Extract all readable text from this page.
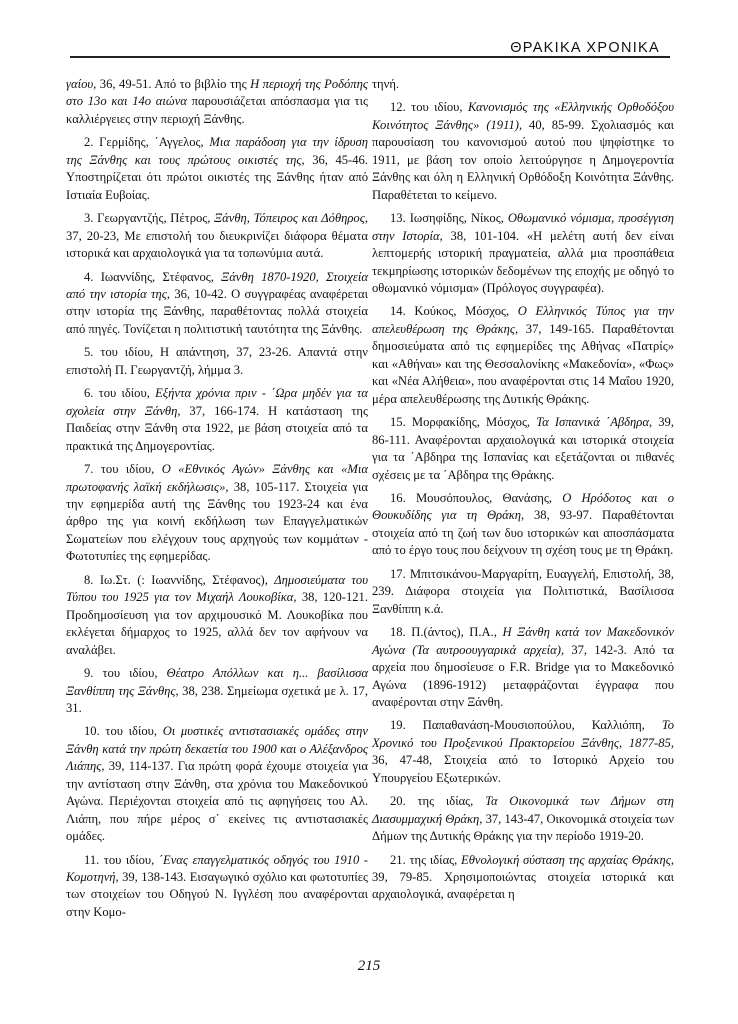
ΘΡΑΚΙΚΑ ΧΡΟΝΙΚΑ

γαίου, 36, 49-51. Από το βιβλίο της Η περιοχή της Ροδόπης στο 13ο και 14ο αιώνα παρουσιάζεται απόσπασμα για τις καλλιέργειες στην περιοχή Ξάνθης.

2. Γερμίδης, ΄Αγγελος, Μια παράδοση για την ίδρυση της Ξάνθης και τους πρώτους οικιστές της, 36, 45-46. Υποστηρίζεται ότι πρώτοι οικιστές της Ξάνθης ήταν από Ιστιαία Ευβοίας.

3. Γεωργαντζής, Πέτρος, Ξάνθη, Τόπειρος και Δόθηρος, 37, 20-23, Με επιστολή του διευκρινίζει διάφορα θέματα ιστορικά και αρχαιολογικά για τα τοπωνύμια αυτά.

4. Ιωαννίδης, Στέφανος, Ξάνθη 1870-1920, Στοιχεία από την ιστορία της, 36, 10-42. Ο συγγραφέας αναφέρεται στην ιστορία της Ξάνθης, παραθέτοντας πολλά στοιχεία από πηγές. Τονίζεται η πολιτιστική ταυτότητα της Ξάνθης.

5. του ιδίου, Η απάντηση, 37, 23-26. Απαντά στην επιστολή Π. Γεωργαντζή, λήμμα 3.

6. του ιδίου, Εξήντα χρόνια πριν - ΄Ωρα μηδέν για τα σχολεία στην Ξάνθη, 37, 166-174. Η κατάσταση της Παιδείας στην Ξάνθη στα 1922, με βάση στοιχεία από τα πρακτικά της Δημογεροντίας.

7. του ιδίου, Ο «Εθνικός Αγών» Ξάνθης και «Μια πρωτοφανής λαϊκή εκδήλωσις», 38, 105-117. Στοιχεία για την εφημερίδα αυτή της Ξάνθης του 1923-24 και ένα άρθρο της για κοινή εκδήλωση των Επαγγελματικών Σωματείων που ελέγχουν τους αρχηγούς των κομμάτων - Φωτοτυπίες της εφημερίδας.

8. Ιω.Στ. (: Ιωαννίδης, Στέφανος), Δημοσιεύματα του Τύπου του 1925 για τον Μιχαήλ Λουκοβίκα, 38, 120-121. Προδημοσίευση για τον αρχιμουσικό Μ. Λουκοβίκα που εκλέγεται δήμαρχος το 1925, αλλά δεν τον αφήνουν να αναλάβει.

9. του ιδίου, Θέατρο Απόλλων και η... βασίλισσα Ξανθίππη της Ξάνθης, 38, 238. Σημείωμα σχετικά με λ. 17, 31.

10. του ιδίου, Οι μυστικές αντιστασιακές ομάδες στην Ξάνθη κατά την πρώτη δεκαετία του 1900 και ο Αλέξανδρος Λιάπης, 39, 114-137. Για πρώτη φορά έχουμε στοιχεία για την αντίσταση στην Ξάνθη, στα χρόνια του Μακεδονικού Αγώνα. Περιέχονται στοιχεία από τις αφηγήσεις του Αλ. Λιάπη, που πήρε μέρος σ΄ εκείνες τις αντιστασιακές ομάδες.

11. του ιδίου, ΄Ενας επαγγελματικός οδηγός του 1910 - Κομοτηνή, 39, 138-143. Εισαγωγικό σχόλιο και φωτοτυπίες των στοιχείων του Οδηγού Ν. Ιγγλέση που αναφέρονται στην Κομο-

τηνή.

12. του ιδίου, Κανονισμός της «Ελληνικής Ορθοδόξου Κοινότητος Ξάνθης» (1911), 40, 85-99. Σχολιασμός και παρουσίαση του κανονισμού αυτού που ψηφίστηκε το 1911, με βάση τον οποίο λειτούργησε η Δημογεροντία Ξάνθης και όλη η Ελληνική Ορθόδοξη Κοινότητα Ξάνθης. Παραθέτεται το κείμενο.

13. Ιωσηφίδης, Νίκος, Οθωμανικό νόμισμα, προσέγγιση στην Ιστορία, 38, 101-104. «Η μελέτη αυτή δεν είναι λεπτομερής ιστορική πραγματεία, αλλά μια προσπάθεια τεκμηρίωσης ιστορικών δεδομένων της εποχής με οδηγό το οθωμανικό νόμισμα» (Πρόλογος συγγραφέα).

14. Κούκος, Μόσχος, Ο Ελληνικός Τύπος για την απελευθέρωση της Θράκης, 37, 149-165. Παραθέτονται δημοσιεύματα από τις εφημερίδες της Αθήνας «Πατρίς» και «Αθήναι» και της Θεσσαλονίκης «Μακεδονία», «Φως» και «Νέα Αλήθεια», που αναφέρονται στις 14 Μαΐου 1920, μέρα απελευθέρωσης της Δυτικής Θράκης.

15. Μορφακίδης, Μόσχος, Τα Ισπανικά ΄Αβδηρα, 39, 86-111. Αναφέρονται αρχαιολογικά και ιστορικά στοιχεία για τα ΄Αβδηρα της Ισπανίας και εξετάζονται οι πιθανές σχέσεις με τα ΄Αβδηρα της Θράκης.

16. Μουσόπουλος, Θανάσης, Ο Ηρόδοτος και ο Θουκυδίδης για τη Θράκη, 38, 93-97. Παραθέτονται στοιχεία από τη ζωή των δυο ιστορικών και αποσπάσματα από το έργο τους που δείχνουν τη σχέση τους με τη Θράκη.

17. Μπιτσικάνου-Μαργαρίτη, Ευαγγελή, Επιστολή, 38, 239. Διάφορα στοιχεία για Πολιτιστικά, Βασίλισσα Ξανθίππη κ.ά.

18. Π.(άντος), Π.Α., Η Ξάνθη κατά τον Μακεδονικόν Αγώνα (Τα αυτροουγγαρικά αρχεία), 37, 142-3. Από τα αρχεία που δημοσίευσε ο F.R. Bridge για το Μακεδονικό Αγώνα (1896-1912) μεταφράζονται έγγραφα που αναφέρονται στην Ξάνθη.

19. Παπαθανάση-Μουσιοπούλου, Καλλιόπη, Το Χρονικό του Προξενικού Πρακτορείου Ξάνθης, 1877-85, 36, 47-48, Στοιχεία από το Ιστορικό Αρχείο του Υπουργείου Εξωτερικών.

20. της ιδίας, Τα Οικονομικά των Δήμων στη Διασυμμαχική Θράκη, 37, 143-47, Οικονομικά στοιχεία των Δήμων της Δυτικής Θράκης για την περίοδο 1919-20.

21. της ιδίας, Εθνολογική σύσταση της αρχαίας Θράκης, 39, 79-85. Χρησιμοποιώντας στοιχεία ιστορικά και αρχαιολογικά, αναφέρεται η

215
